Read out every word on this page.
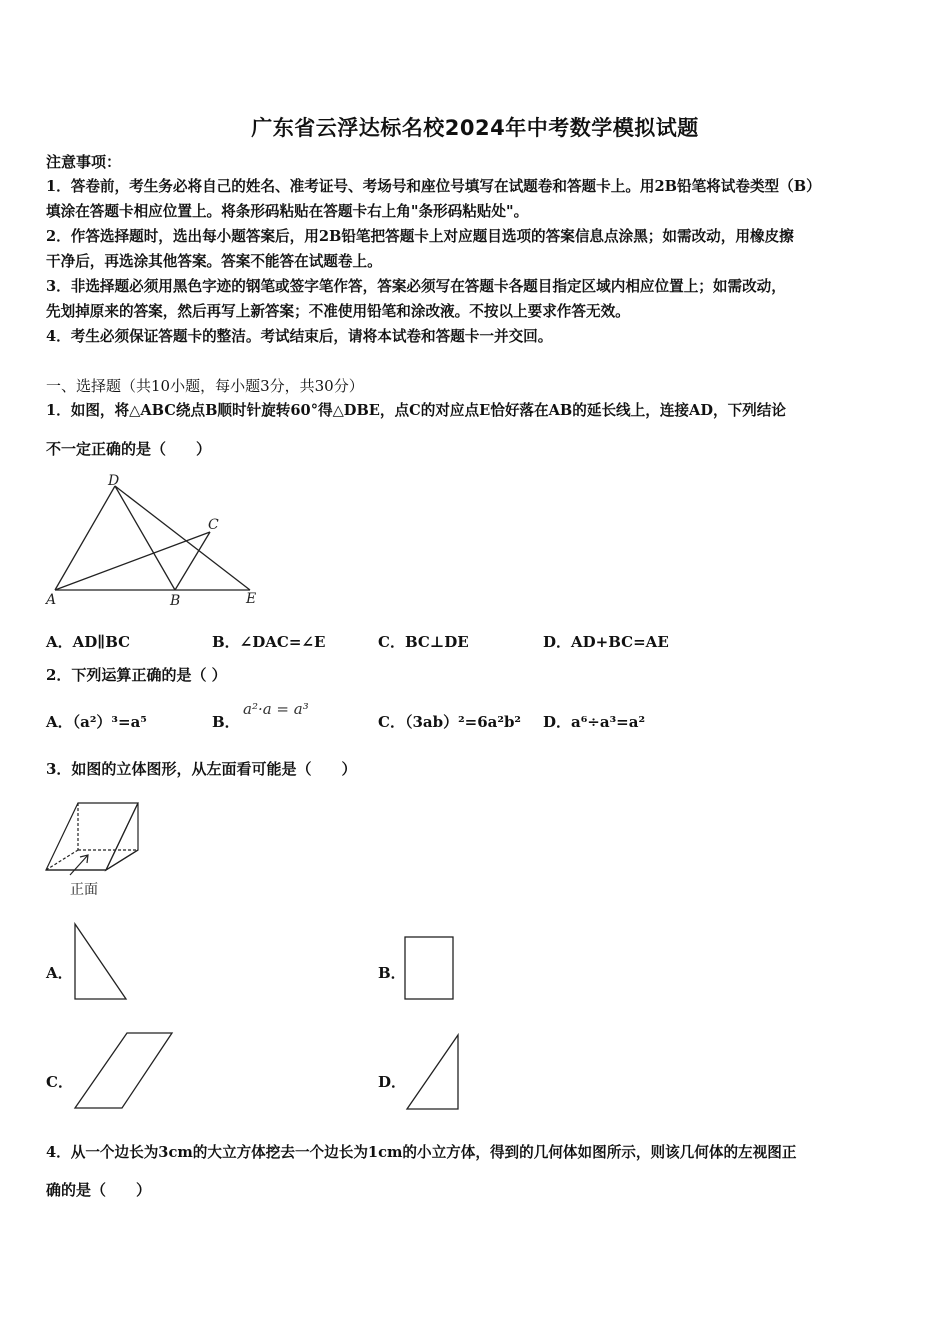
广东省云浮达标名校2024年中考数学模拟试题
注意事项：
1．答卷前，考生务必将自己的姓名、准考证号、考场号和座位号填写在试题卷和答题卡上。用2B铅笔将试卷类型（B）
填涂在答题卡相应位置上。将条形码粘贴在答题卡右上角"条形码粘贴处"。
2．作答选择题时，选出每小题答案后，用2B铅笔把答题卡上对应题目选项的答案信息点涂黑；如需改动，用橡皮擦
干净后，再选涂其他答案。答案不能答在试题卷上。
3．非选择题必须用黑色字迹的钢笔或签字笔作答，答案必须写在答题卡各题目指定区域内相应位置上；如需改动，
先划掉原来的答案，然后再写上新答案；不准使用铅笔和涂改液。不按以上要求作答无效。
4．考生必须保证答题卡的整洁。考试结束后，请将本试卷和答题卡一并交回。
一、选择题（共10小题，每小题3分，共30分）
1．如图，将△ABC绕点B顺时针旋转60°得△DBE，点C的对应点E恰好落在AB的延长线上，连接AD，下列结论
不一定正确的是（　　）
D
C
A	B	E
A．AD∥BC	B．∠DAC=∠E	C．BC⊥DE	D．AD+BC=AE
2．下列运算正确的是（ ）
A．（a²）³=a⁵	B．
a²·a = a³
C．（3ab）²=6a²b² D．a⁶÷a³=a²
3．如图的立体图形，从左面看可能是（　　）
正面
A．	B．
C．	D．
4．从一个边长为3cm的大立方体挖去一个边长为1cm的小立方体，得到的几何体如图所示，则该几何体的左视图正
确的是（　　）
